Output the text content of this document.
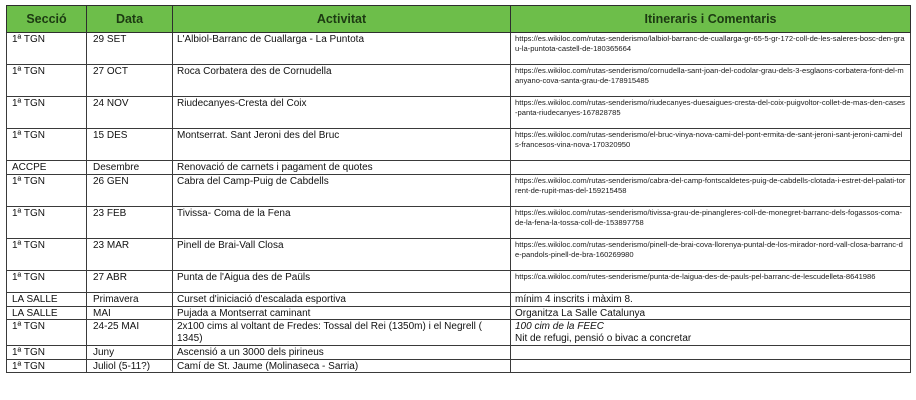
Secció	Data	Activitat	Itineraris i Comentaris
1ª TGN	29 SET	L'Albiol-Barranc de Cuallarga - La Puntota	https://es.wikiloc.com/rutas-senderismo/lalbiol-barranc-de-cuallarga-gr-65-5-gr-172-coll-de-les-saleres-bosc-den-grau-la-puntota-castell-de-180365664
1ª TGN	27 OCT	Roca Corbatera des de Cornudella	https://es.wikiloc.com/rutas-senderismo/cornudella-sant-joan-del-codolar-grau-dels-3-esglaons-corbatera-font-del-manyano-cova-santa-grau-de-178915485
1ª TGN	24 NOV	Riudecanyes-Cresta del Coix	https://es.wikiloc.com/rutas-senderismo/riudecanyes-duesaigues-cresta-del-coix-puigvoltor-collet-de-mas-den-cases-panta-riudecanyes-167828785
1ª TGN	15 DES	Montserrat. Sant Jeroni des del Bruc	https://es.wikiloc.com/rutas-senderismo/el-bruc-vinya-nova-cami-del-pont-ermita-de-sant-jeroni-sant-jeroni-cami-dels-francesos-vina-nova-170320950
ACCPE	Desembre	Renovació de carnets i pagament de quotes	
1ª TGN	26 GEN	Cabra del Camp-Puig de Cabdells	https://es.wikiloc.com/rutas-senderismo/cabra-del-camp-fontscaldetes-puig-de-cabdells-clotada-i-estret-del-palati-torrent-de-rupit-mas-del-159215458
1ª TGN	23 FEB	Tivissa- Coma de la Fena	https://es.wikiloc.com/rutas-senderismo/tivissa-grau-de-pinangleres-coll-de-monegret-barranc-dels-fogassos-coma-de-la-fena-la-tossa-coll-de-153897758
1ª TGN	23 MAR	Pinell de Brai-Vall Closa	https://es.wikiloc.com/rutas-senderismo/pinell-de-brai-cova-llorenya-puntal-de-los-mirador-nord-vall-closa-barranc-de-pandols-pinell-de-bra-160269980
1ª TGN	27 ABR	Punta de l'Aigua des de Paüls	https://ca.wikiloc.com/rutes-senderisme/punta-de-laigua-des-de-pauls-pel-barranc-de-lescudelleta-8641986
LA SALLE	Primavera	Curset d'iniciació d'escalada esportiva	mínim 4 inscrits i màxim 8.
LA SALLE	MAI	Pujada a Montserrat caminant	Organitza La Salle Catalunya
1ª TGN	24-25 MAI	2x100 cims al voltant de Fredes: Tossal del Rei (1350m) i el Negrell ( 1345)	100 cim de la FEEC
Nit de refugi, pensió o bivac a concretar

1ª TGN	Juny	Ascensió a un 3000 dels pirineus	
1ª TGN	Juliol (5-11?)	Camí de St. Jaume (Molinaseca - Sarria)	
